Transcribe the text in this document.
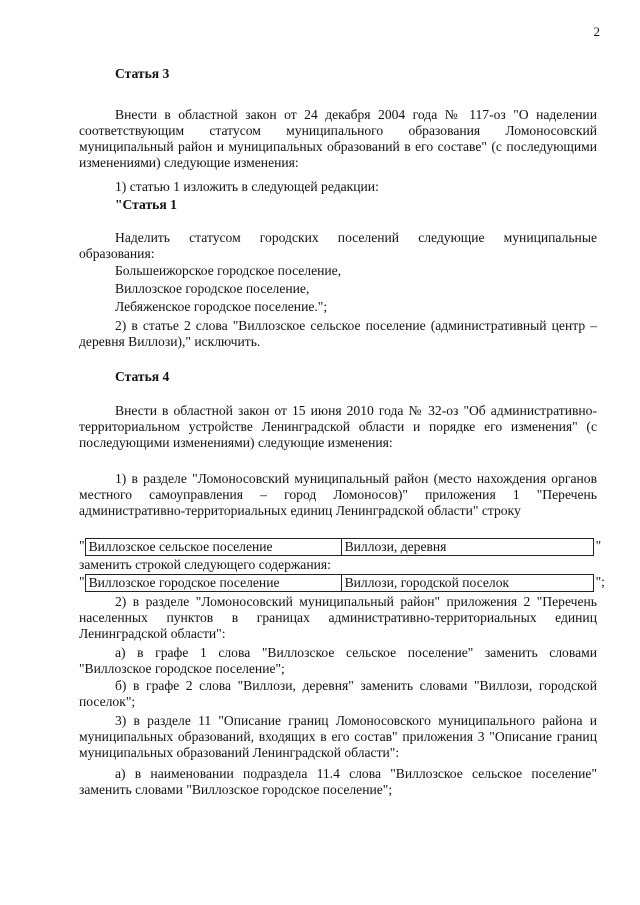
2

Статья 3

Внести в областной закон от 24 декабря 2004 года № 117-оз "О наделении соответствующим статусом муниципального образования Ломоносовский муниципальный район и муниципальных образований в его составе" (с последующими изменениями) следующие изменения:

1) статью 1 изложить в следующей редакции:

"Статья 1

Наделить статусом городских поселений следующие муниципальные образования:

Большеижорское городское поселение,

Виллозское городское поселение,

Лебяженское городское поселение.";

2) в статье 2 слова "Виллозское сельское поселение (административный центр – деревня Виллози)," исключить.

Статья 4

Внести в областной закон от 15 июня 2010 года № 32-оз "Об административно-территориальном устройстве Ленинградской области и порядке его изменения" (с последующими изменениями) следующие изменения:

1) в разделе "Ломоносовский муниципальный район (место нахождения органов местного самоуправления – город Ломоносов)" приложения 1 "Перечень административно-территориальных единиц Ленинградской области" строку

" Виллозское сельское поселение	Виллози, деревня	"

заменить строкой следующего содержания:

" Виллозское городское поселение	Виллози, городской поселок	";

2) в разделе "Ломоносовский муниципальный район" приложения 2 "Перечень населенных пунктов в границах административно-территориальных единиц Ленинградской области":

а) в графе 1 слова "Виллозское сельское поселение" заменить словами "Виллозское городское поселение";

б) в графе 2 слова "Виллози, деревня" заменить словами "Виллози, городской поселок";

3) в разделе 11 "Описание границ Ломоносовского муниципального района и муниципальных образований, входящих в его состав" приложения 3 "Описание границ муниципальных образований Ленинградской области":

а) в наименовании подраздела 11.4 слова "Виллозское сельское поселение" заменить словами "Виллозское городское поселение";
